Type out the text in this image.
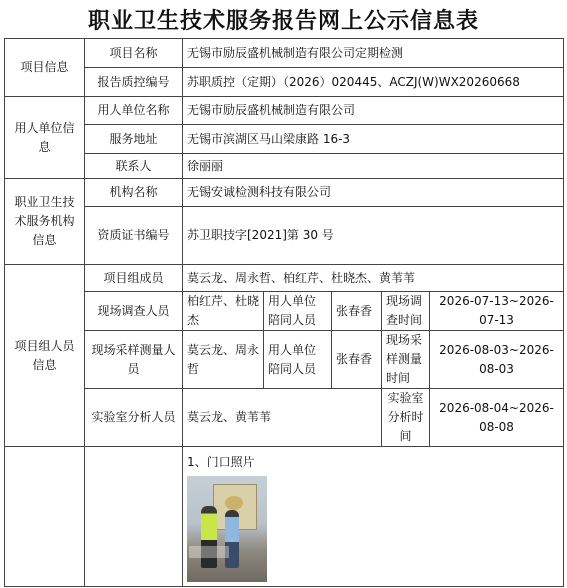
职业卫生技术服务报告网上公示信息表
项目信息	项目名称	无锡市励辰盛机械制造有限公司定期检测				
	报告质控编号	苏职质控（定期）（2026）020445、ACZJ(W)WX20260668				
用人单位信息	用人单位名称	无锡市励辰盛机械制造有限公司				
	服务地址	无锡市滨湖区马山梁康路 16-3				
	联系人	徐丽丽				
职业卫生技术服务机构信息	机构名称	无锡安诚检测科技有限公司				
	资质证书编号	苏卫职技字[2021]第 30 号				
项目组人员信息	项目组成员	莫云龙、周永哲、柏红芹、杜晓杰、黄苇苇				
	现场调查人员	柏红芹、杜晓杰	用人单位陪同人员	张春香	现场调查时间	2026-07-13~2026-07-13
	现场采样测量人员	莫云龙、周永哲	用人单位陪同人员	张春香	现场采样测量时间	2026-08-03~2026-08-03
	实验室分析人员	莫云龙、黄苇苇			实验室分析时间	2026-08-04~2026-08-08

		1、门口照片				
